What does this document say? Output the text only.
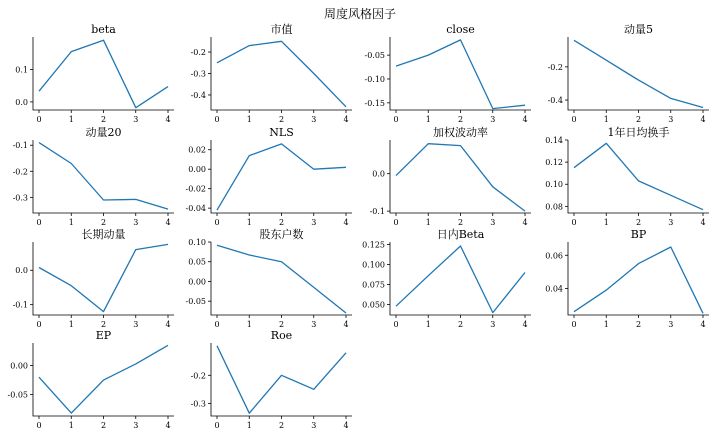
周度风格因子
beta
0	1	2	3	4
0.0
0.1
市值
0	1	2	3	4
-0.2
-0.3
-0.4
close
0	1	2	3	4
-0.05
-0.10
-0.15
动量5
0	1	2	3	4
-0.2
-0.4
动量20
0	1	2	3	4
-0.1
-0.2
-0.3
NLS
0	1	2	3	4
0.02
0.00
-0.02
-0.04
加权波动率
0	1	2	3	4
0.0
-0.1
1年日均换手
0	1	2	3	4
0.14
0.12
0.10
0.08
长期动量
0	1	2	3	4
0.0
-0.1
股东户数
0	1	2	3	4
0.10
0.05
0.00
-0.05
日内Beta
0	1	2	3	4
0.125
0.100
0.075
0.050
BP
0	1	2	3	4
0.06
0.04
EP
0	1	2	3	4
0.00
-0.05
Roe
0	1	2	3	4
-0.2
-0.3
